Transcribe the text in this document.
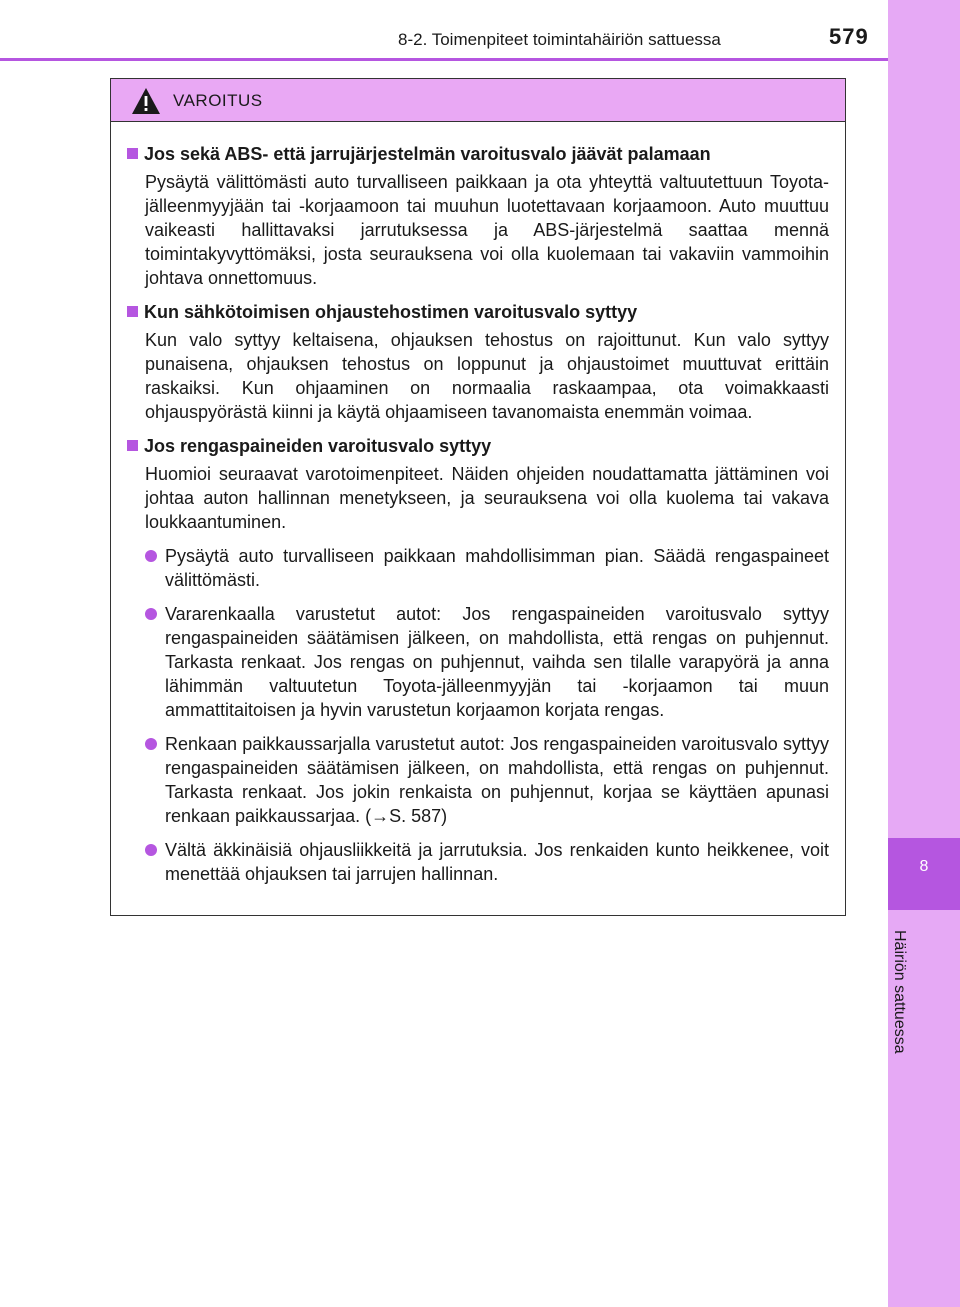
8
Häiriön sattuessa
8-2. Toimenpiteet toimintahäiriön sattuessa	579
VAROITUS
Jos sekä ABS- että jarrujärjestelmän varoitusvalo jäävät palamaan
Pysäytä välittömästi auto turvalliseen paikkaan ja ota yhteyttä valtuutettuun Toyota-jälleenmyyjään tai -korjaamoon tai muuhun luotettavaan korjaamoon. Auto muuttuu vaikeasti hallittavaksi jarrutuksessa ja ABS-järjestelmä saattaa mennä toimintakyvyttömäksi, josta seurauksena voi olla kuolemaan tai vakaviin vammoihin johtava onnettomuus.
Kun sähkötoimisen ohjaustehostimen varoitusvalo syttyy
Kun valo syttyy keltaisena, ohjauksen tehostus on rajoittunut. Kun valo syttyy punaisena, ohjauksen tehostus on loppunut ja ohjaustoimet muuttuvat erittäin raskaiksi. Kun ohjaaminen on normaalia raskaampaa, ota voimakkaasti ohjauspyörästä kiinni ja käytä ohjaamiseen tavanomaista enemmän voimaa.
Jos rengaspaineiden varoitusvalo syttyy
Huomioi seuraavat varotoimenpiteet. Näiden ohjeiden noudattamatta jättäminen voi johtaa auton hallinnan menetykseen, ja seurauksena voi olla kuolema tai vakava loukkaantuminen.
Pysäytä auto turvalliseen paikkaan mahdollisimman pian. Säädä rengaspaineet välittömästi.
Vararenkaalla varustetut autot: Jos rengaspaineiden varoitusvalo syttyy rengaspaineiden säätämisen jälkeen, on mahdollista, että rengas on puhjennut. Tarkasta renkaat. Jos rengas on puhjennut, vaihda sen tilalle varapyörä ja anna lähimmän valtuutetun Toyota-jälleenmyyjän tai -korjaamon tai muun ammattitaitoisen ja hyvin varustetun korjaamon korjata rengas.
Renkaan paikkaussarjalla varustetut autot: Jos rengaspaineiden varoitusvalo syttyy rengaspaineiden säätämisen jälkeen, on mahdollista, että rengas on puhjennut. Tarkasta renkaat. Jos jokin renkaista on puhjennut, korjaa se käyttäen apunasi renkaan paikkaussarjaa. (→S. 587)
Vältä äkkinäisiä ohjausliikkeitä ja jarrutuksia. Jos renkaiden kunto heikkenee, voit menettää ohjauksen tai jarrujen hallinnan.
